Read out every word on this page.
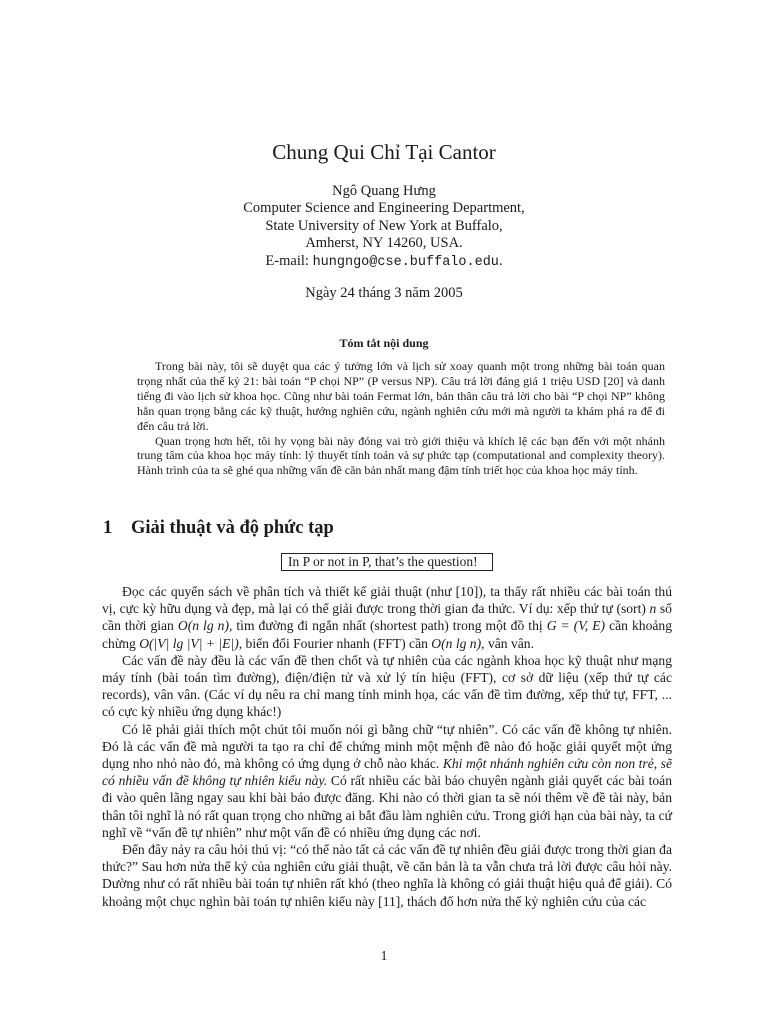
Chung Qui Chỉ Tại Cantor
Ngô Quang Hưng
Computer Science and Engineering Department,
State University of New York at Buffalo,
Amherst, NY 14260, USA.
E-mail: hungngo@cse.buffalo.edu.
Ngày 24 tháng 3 năm 2005
Tóm tắt nội dung

Trong bài này, tôi sẽ duyệt qua các ý tưởng lớn và lịch sử xoay quanh một trong những bài toán quan trọng nhất của thế kỷ 21: bài toán “P chọi NP” (P versus NP). Câu trả lời đáng giá 1 triệu USD [20] và danh tiếng đi vào lịch sử khoa học. Cũng như bài toán Fermat lớn, bản thân câu trả lời cho bài “P chọi NP” không hẳn quan trọng bằng các kỹ thuật, hướng nghiên cứu, ngành nghiên cứu mới mà người ta khám phá ra để đi đến câu trả lời.

Quan trọng hơn hết, tôi hy vọng bài này đóng vai trò giới thiệu và khích lệ các bạn đến với một nhánh trung tâm của khoa học máy tính: lý thuyết tính toán và sự phức tạp (computational and complexity theory). Hành trình của ta sẽ ghé qua những vấn đề căn bản nhất mang đậm tính triết học của khoa học máy tính.

1 Giải thuật và độ phức tạp
In P or not in P, that’s the question!

Đọc các quyển sách về phân tích và thiết kế giải thuật (như [10]), ta thấy rất nhiều các bài toán thú vị, cực kỳ hữu dụng và đẹp, mà lại có thể giải được trong thời gian đa thức. Ví dụ: xếp thứ tự (sort) n số cần thời gian O(n lg n), tìm đường đi ngắn nhất (shortest path) trong một đồ thị G = (V, E) cần khoảng chừng O(|V| lg |V| + |E|), biến đổi Fourier nhanh (FFT) cần O(n lg n), vân vân.

Các vấn đề này đều là các vấn đề then chốt và tự nhiên của các ngành khoa học kỹ thuật như mạng máy tính (bài toán tìm đường), điện/điện tử và xử lý tín hiệu (FFT), cơ sở dữ liệu (xếp thứ tự các records), vân vân. (Các ví dụ nêu ra chỉ mang tính minh họa, các vấn đề tìm đường, xếp thứ tự, FFT, ... có cực kỳ nhiều ứng dụng khác!)

Có lẽ phải giải thích một chút tôi muốn nói gì bằng chữ “tự nhiên”. Có các vấn đề không tự nhiên. Đó là các vấn đề mà người ta tạo ra chỉ để chứng minh một mệnh đề nào đó hoặc giải quyết một ứng dụng nho nhỏ nào đó, mà không có ứng dụng ở chỗ nào khác. Khi một nhánh nghiên cứu còn non trẻ, sẽ có nhiều vấn đề không tự nhiên kiểu này. Có rất nhiều các bài báo chuyên ngành giải quyết các bài toán đi vào quên lãng ngay sau khi bài báo được đăng. Khi nào có thời gian ta sẽ nói thêm về đề tài này, bản thân tôi nghĩ là nó rất quan trọng cho những ai bắt đầu làm nghiên cứu. Trong giới hạn của bài này, ta cứ nghĩ về “vấn đề tự nhiên” như một vấn đề có nhiều ứng dụng các nơi.

Đến đây nảy ra câu hỏi thú vị: “có thể nào tất cả các vấn đề tự nhiên đều giải được trong thời gian đa thức?” Sau hơn nửa thế kỷ của nghiên cứu giải thuật, về căn bản là ta vẫn chưa trả lời được câu hỏi này. Dường như có rất nhiều bài toán tự nhiên rất khó (theo nghĩa là không có giải thuật hiệu quả để giải). Có khoảng một chục nghìn bài toán tự nhiên kiểu này [11], thách đố hơn nửa thế kỷ nghiên cứu của các

1
